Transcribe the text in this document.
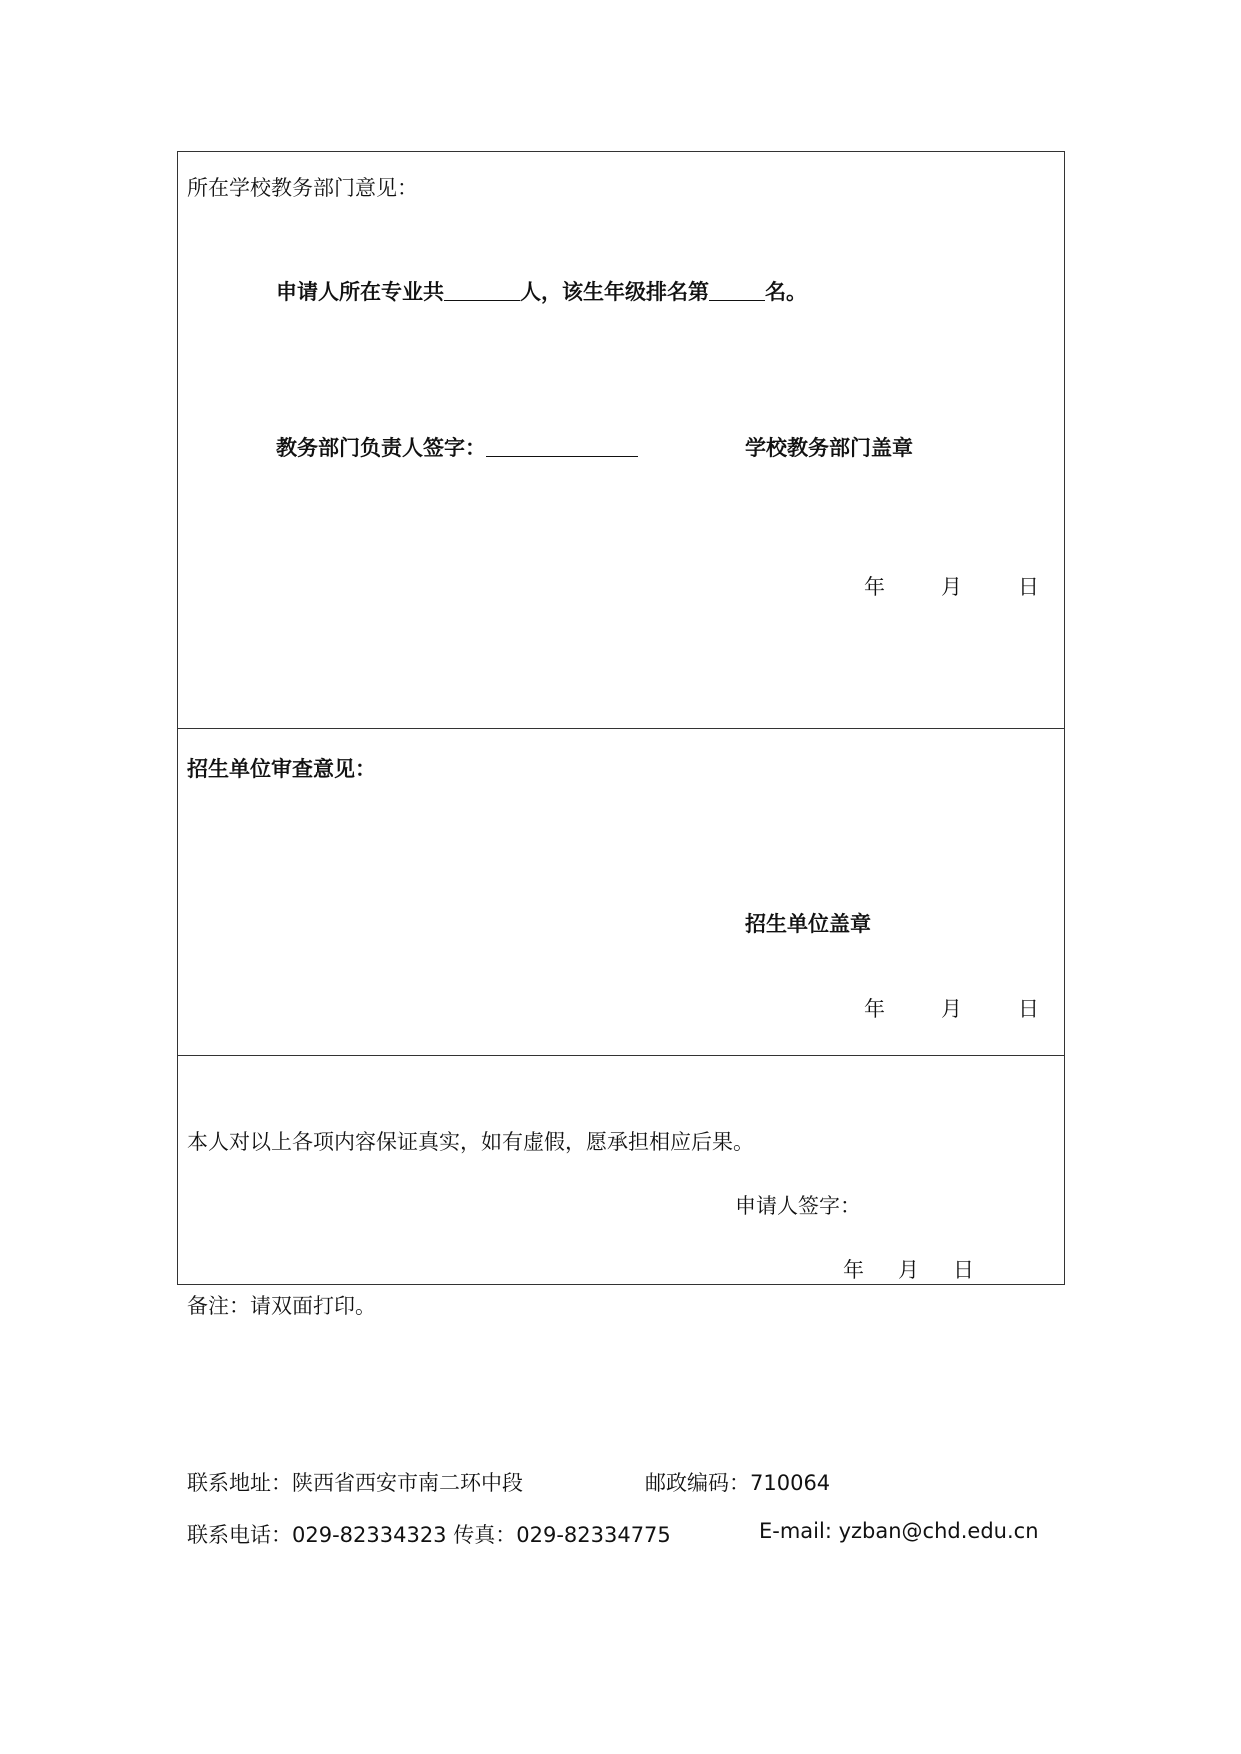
所在学校教务部门意见：
申请人所在专业共	人，该生年级排名第	名。
教务部门负责人签字：	学校教务部门盖章
年	月	日
招生单位审查意见：
招生单位盖章
年	月	日
本人对以上各项内容保证真实，如有虚假，愿承担相应后果。
申请人签字：
年 月 日
备注：请双面打印。
联系地址：陕西省西安市南二环中段	邮政编码：710064
联系电话：029-82334323 传真：029-82334775	E-mail: yzban@chd.edu.cn
